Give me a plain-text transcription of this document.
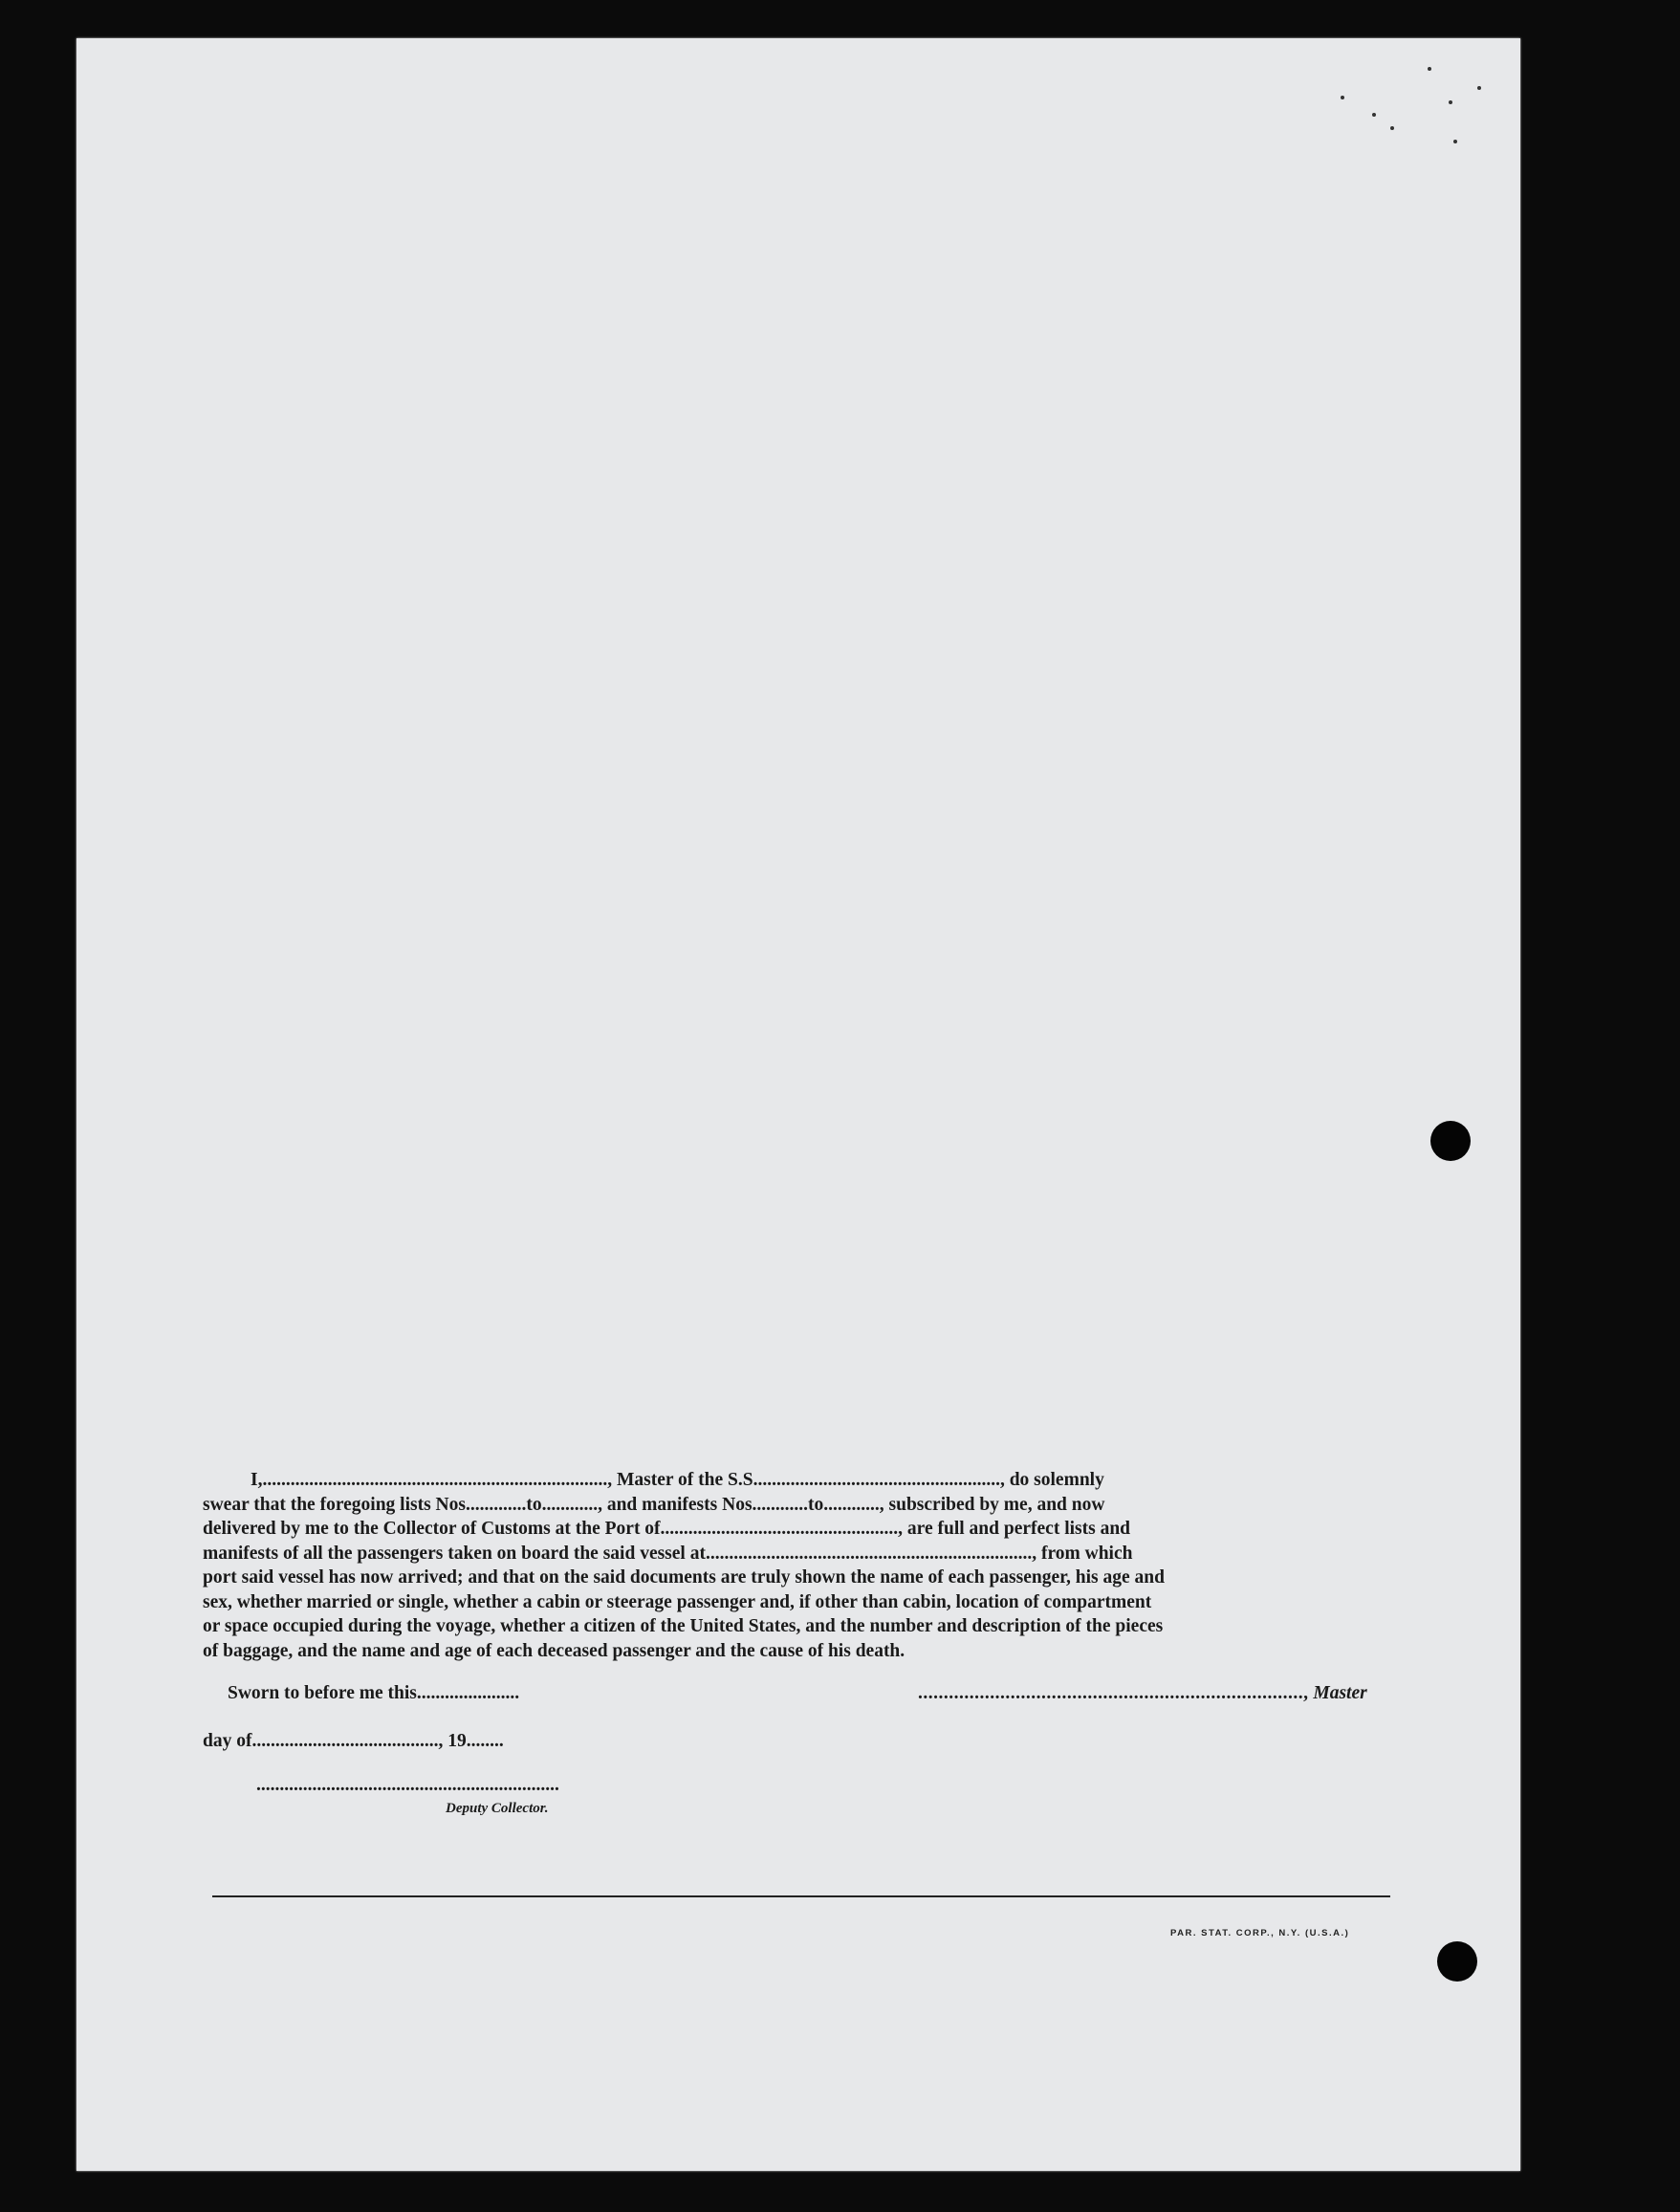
I,.........................................................................., Master of the S.S....................................................., do solemnly

swear that the foregoing lists Nos.............to............, and manifests Nos............to............, subscribed by me, and now

delivered by me to the Collector of Customs at the Port of..................................................., are full and perfect lists and

manifests of all the passengers taken on board the said vessel at......................................................................, from which

port said vessel has now arrived; and that on the said documents are truly shown the name of each passenger, his age and

sex, whether married or single, whether a cabin or steerage passenger and, if other than cabin, location of compartment

or space occupied during the voyage, whether a citizen of the United States, and the number and description of the pieces

of baggage, and the name and age of each deceased passenger and the cause of his death.

Sworn to before me this......................	..........................................................................., Master
day of........................................, 19........
.................................................................
Deputy Collector.
PAR. STAT. CORP., N.Y. (U.S.A.)
